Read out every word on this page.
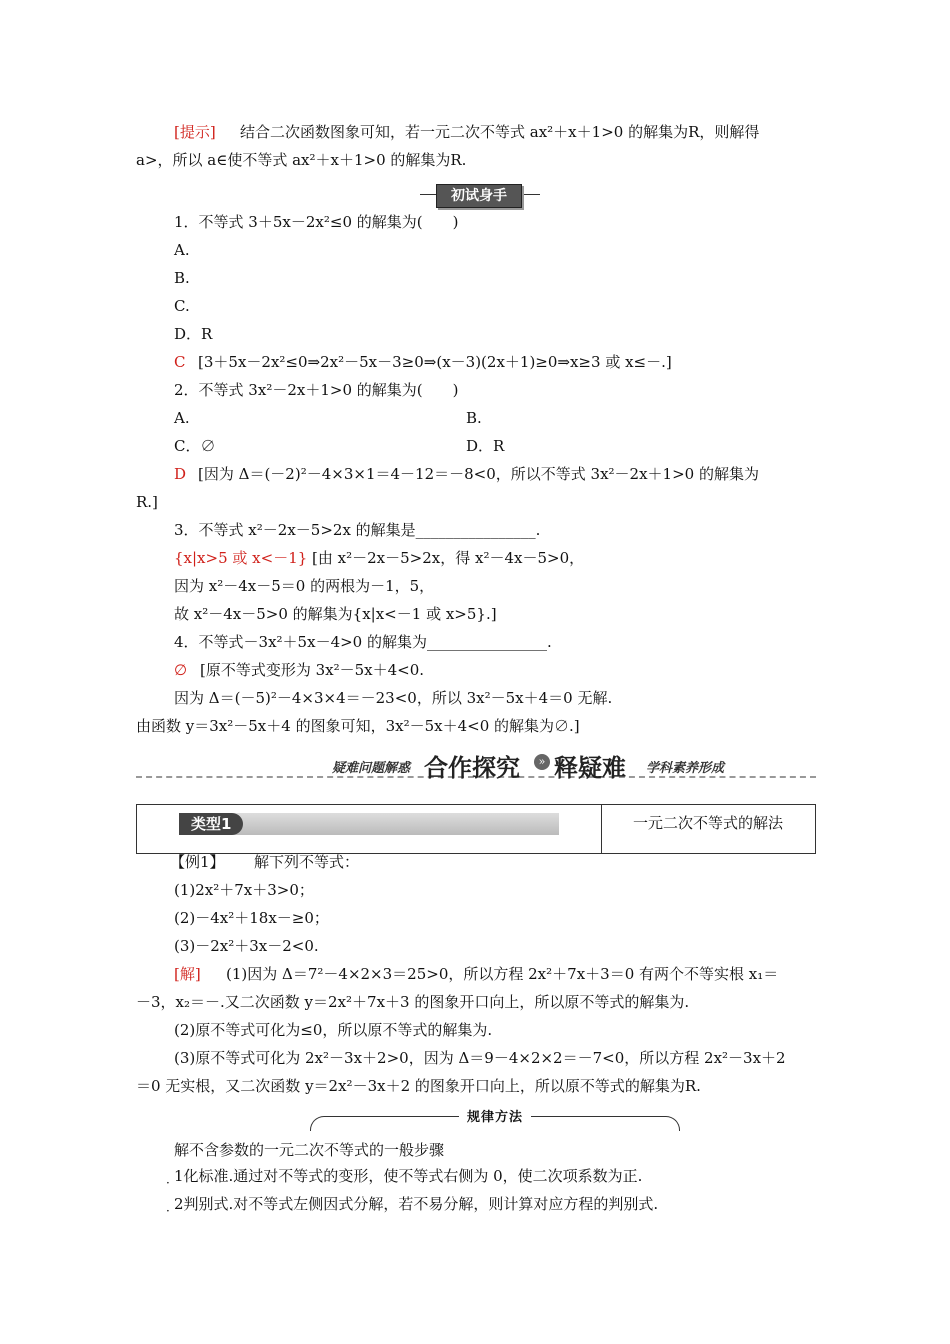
[提示] 结合二次函数图象可知，若一元二次不等式 ax²＋x＋1>0 的解集为R，则解得
a>，所以 a∈使不等式 ax²＋x＋1>0 的解集为R.
初试身手
1．不等式 3＋5x－2x²≤0 的解集为(　　)
A.
B.
C.
D．R
C [3＋5x－2x²≤0⇒2x²－5x－3≥0⇒(x－3)(2x＋1)≥0⇒x≥3 或 x≤－.]
2．不等式 3x²－2x＋1>0 的解集为(　　)
A.	B.
C．∅	D．R
D [因为 Δ＝(－2)²－4×3×1＝4－12＝－8<0，所以不等式 3x²－2x＋1>0 的解集为
R.]
3．不等式 x²－2x－5>2x 的解集是________________.
{x|x>5 或 x<－1} [由 x²－2x－5>2x，得 x²－4x－5>0，
因为 x²－4x－5＝0 的两根为－1，5，
故 x²－4x－5>0 的解集为{x|x<－1 或 x>5}.]
4．不等式－3x²＋5x－4>0 的解集为________________.
∅ [原不等式变形为 3x²－5x＋4<0.
因为 Δ＝(－5)²－4×3×4＝－23<0，所以 3x²－5x＋4＝0 无解.
由函数 y＝3x²－5x＋4 的图象可知，3x²－5x＋4<0 的解集为∅.]
疑难问题解惑 合作探究	» 释疑难 学科素养形成
类型1	一元二次不等式的解法
【例1】 解下列不等式：
(1)2x²＋7x＋3>0；
(2)－4x²＋18x－≥0；
(3)－2x²＋3x－2<0.
[解] (1)因为 Δ＝7²－4×2×3＝25>0，所以方程 2x²＋7x＋3＝0 有两个不等实根 x₁＝
－3，x₂＝－.又二次函数 y＝2x²＋7x＋3 的图象开口向上，所以原不等式的解集为.
(2)原不等式可化为≤0，所以原不等式的解集为.
(3)原不等式可化为 2x²－3x＋2>0，因为 Δ＝9－4×2×2＝－7<0，所以方程 2x²－3x＋2
＝0 无实根，又二次函数 y＝2x²－3x＋2 的图象开口向上，所以原不等式的解集为R.
规律方法
解不含参数的一元二次不等式的一般步骤
· 1化标准.通过对不等式的变形，使不等式右侧为 0，使二次项系数为正.
· 2判别式.对不等式左侧因式分解，若不易分解，则计算对应方程的判别式.
